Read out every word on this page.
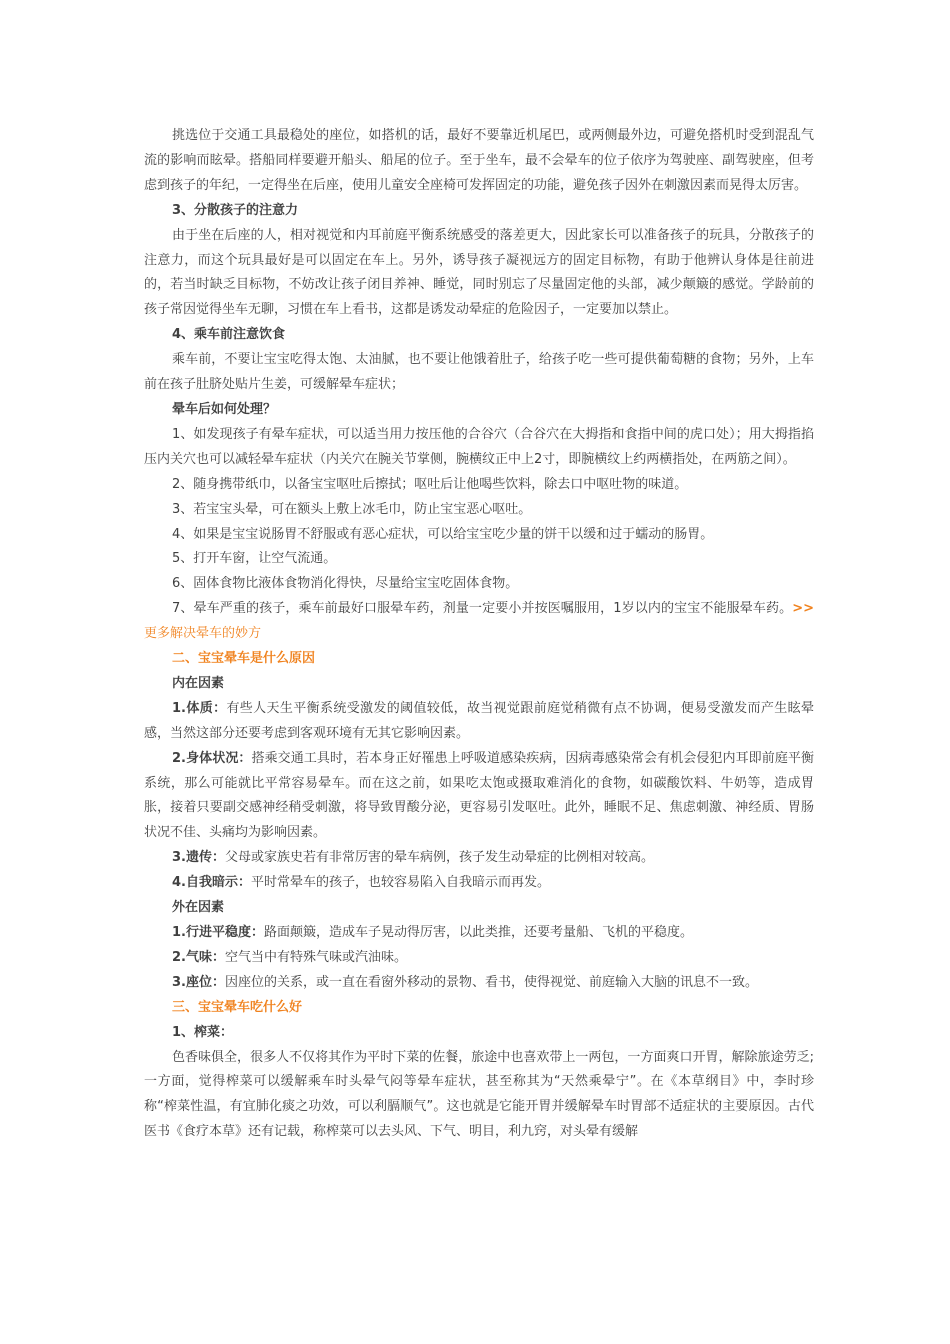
挑选位于交通工具最稳处的座位，如搭机的话，最好不要靠近机尾巴，或两侧最外边，可避免搭机时受到混乱气流的影响而眩晕。搭船同样要避开船头、船尾的位子。至于坐车，最不会晕车的位子依序为驾驶座、副驾驶座，但考虑到孩子的年纪，一定得坐在后座，使用儿童安全座椅可发挥固定的功能，避免孩子因外在刺激因素而晃得太厉害。

3、分散孩子的注意力

由于坐在后座的人，相对视觉和内耳前庭平衡系统感受的落差更大，因此家长可以准备孩子的玩具，分散孩子的注意力，而这个玩具最好是可以固定在车上。另外，诱导孩子凝视远方的固定目标物，有助于他辨认身体是往前进的，若当时缺乏目标物，不妨改让孩子闭目养神、睡觉，同时别忘了尽量固定他的头部，减少颠簸的感觉。学龄前的孩子常因觉得坐车无聊，习惯在车上看书，这都是诱发动晕症的危险因子，一定要加以禁止。

4、乘车前注意饮食

乘车前，不要让宝宝吃得太饱、太油腻，也不要让他饿着肚子，给孩子吃一些可提供葡萄糖的食物；另外，上车前在孩子肚脐处贴片生姜，可缓解晕车症状；

晕车后如何处理？

1、如发现孩子有晕车症状，可以适当用力按压他的合谷穴（合谷穴在大拇指和食指中间的虎口处）；用大拇指掐压内关穴也可以减轻晕车症状（内关穴在腕关节掌侧，腕横纹正中上2寸，即腕横纹上约两横指处，在两筋之间）。

2、随身携带纸巾，以备宝宝呕吐后擦拭；呕吐后让他喝些饮料，除去口中呕吐物的味道。

3、若宝宝头晕，可在额头上敷上冰毛巾，防止宝宝恶心呕吐。

4、如果是宝宝说肠胃不舒服或有恶心症状，可以给宝宝吃少量的饼干以缓和过于蠕动的肠胃。

5、打开车窗，让空气流通。

6、固体食物比液体食物消化得快，尽量给宝宝吃固体食物。

7、晕车严重的孩子，乘车前最好口服晕车药，剂量一定要小并按医嘱服用，1岁以内的宝宝不能服晕车药。>>更多解决晕车的妙方

二、宝宝晕车是什么原因

内在因素

1.体质：有些人天生平衡系统受激发的阈值较低，故当视觉跟前庭觉稍微有点不协调，便易受激发而产生眩晕感，当然这部分还要考虑到客观环境有无其它影响因素。

2.身体状况：搭乘交通工具时，若本身正好罹患上呼吸道感染疾病，因病毒感染常会有机会侵犯内耳即前庭平衡系统，那么可能就比平常容易晕车。而在这之前，如果吃太饱或摄取难消化的食物，如碳酸饮料、牛奶等，造成胃胀，接着只要副交感神经稍受刺激，将导致胃酸分泌，更容易引发呕吐。此外，睡眠不足、焦虑刺激、神经质、胃肠状况不佳、头痛均为影响因素。

3.遗传：父母或家族史若有非常厉害的晕车病例，孩子发生动晕症的比例相对较高。

4.自我暗示：平时常晕车的孩子，也较容易陷入自我暗示而再发。

外在因素

1.行进平稳度：路面颠簸，造成车子晃动得厉害，以此类推，还要考量船、飞机的平稳度。

2.气味：空气当中有特殊气味或汽油味。

3.座位：因座位的关系，或一直在看窗外移动的景物、看书，使得视觉、前庭输入大脑的讯息不一致。

三、宝宝晕车吃什么好

1、榨菜：

色香味俱全，很多人不仅将其作为平时下菜的佐餐，旅途中也喜欢带上一两包，一方面爽口开胃，解除旅途劳乏;一方面，觉得榨菜可以缓解乘车时头晕气闷等晕车症状，甚至称其为“天然乘晕宁”。在《本草纲目》中，李时珍称“榨菜性温，有宜肺化痰之功效，可以利膈顺气”。这也就是它能开胃并缓解晕车时胃部不适症状的主要原因。古代医书《食疗本草》还有记载，称榨菜可以去头风、下气、明目，利九窍，对头晕有缓解
